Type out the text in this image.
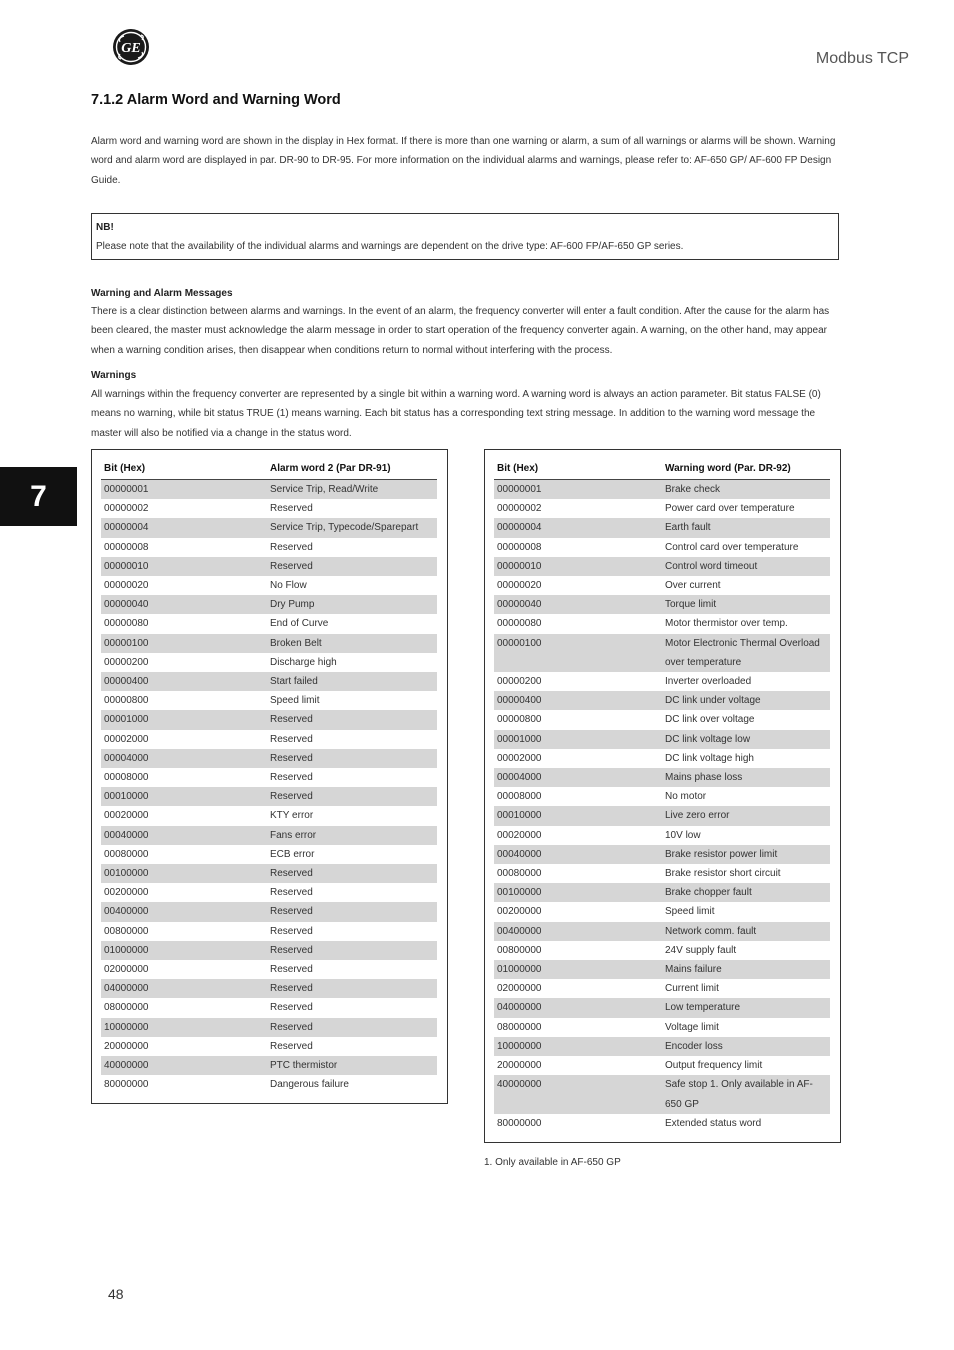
GE
Modbus TCP
7.1.2 Alarm Word and Warning Word

Alarm word and warning word are shown in the display in Hex format. If there is more than one warning or alarm, a sum of all warnings or alarms will be shown. Warning word and alarm word are displayed in par. DR-90 to DR-95. For more information on the individual alarms and warnings, please refer to: AF-650 GP/ AF-600 FP Design Guide.

NB!

Please note that the availability of the individual alarms and warnings are dependent on the drive type: AF-600 FP/AF-650 GP series.

Warning and Alarm Messages

There is a clear distinction between alarms and warnings. In the event of an alarm, the frequency converter will enter a fault condition. After the cause for the alarm has been cleared, the master must acknowledge the alarm message in order to start operation of the frequency converter again. A warning, on the other hand, may appear when a warning condition arises, then disappear when conditions return to normal without interfering with the process.

Warnings

All warnings within the frequency converter are represented by a single bit within a warning word. A warning word is always an action parameter. Bit status FALSE (0) means no warning, while bit status TRUE (1) means warning. Each bit status has a corresponding text string message. In addition to the warning word message the master will also be notified via a change in the status word.

7
Bit (Hex)	Alarm word 2 (Par DR-91)
00000001	Service Trip, Read/Write
00000002	Reserved
00000004	Service Trip, Typecode/Sparepart
00000008	Reserved
00000010	Reserved
00000020	No Flow
00000040	Dry Pump
00000080	End of Curve
00000100	Broken Belt
00000200	Discharge high
00000400	Start failed
00000800	Speed limit
00001000	Reserved
00002000	Reserved
00004000	Reserved
00008000	Reserved
00010000	Reserved
00020000	KTY error
00040000	Fans error
00080000	ECB error
00100000	Reserved
00200000	Reserved
00400000	Reserved
00800000	Reserved
01000000	Reserved
02000000	Reserved
04000000	Reserved
08000000	Reserved
10000000	Reserved
20000000	Reserved
40000000	PTC thermistor
80000000	Dangerous failure
Bit (Hex)	Warning word (Par. DR-92)
00000001	Brake check
00000002	Power card over temperature
00000004	Earth fault
00000008	Control card over temperature
00000010	Control word timeout
00000020	Over current
00000040	Torque limit
00000080	Motor thermistor over temp.
00000100	Motor Electronic Thermal Overload over temperature
00000200	Inverter overloaded
00000400	DC link under voltage
00000800	DC link over voltage
00001000	DC link voltage low
00002000	DC link voltage high
00004000	Mains phase loss
00008000	No motor
00010000	Live zero error
00020000	10V low
00040000	Brake resistor power limit
00080000	Brake resistor short circuit
00100000	Brake chopper fault
00200000	Speed limit
00400000	Network comm. fault
00800000	24V supply fault
01000000	Mains failure
02000000	Current limit
04000000	Low temperature
08000000	Voltage limit
10000000	Encoder loss
20000000	Output frequency limit
40000000	Safe stop 1. Only available in AF-650 GP
80000000	Extended status word

1. Only available in AF-650 GP

48
